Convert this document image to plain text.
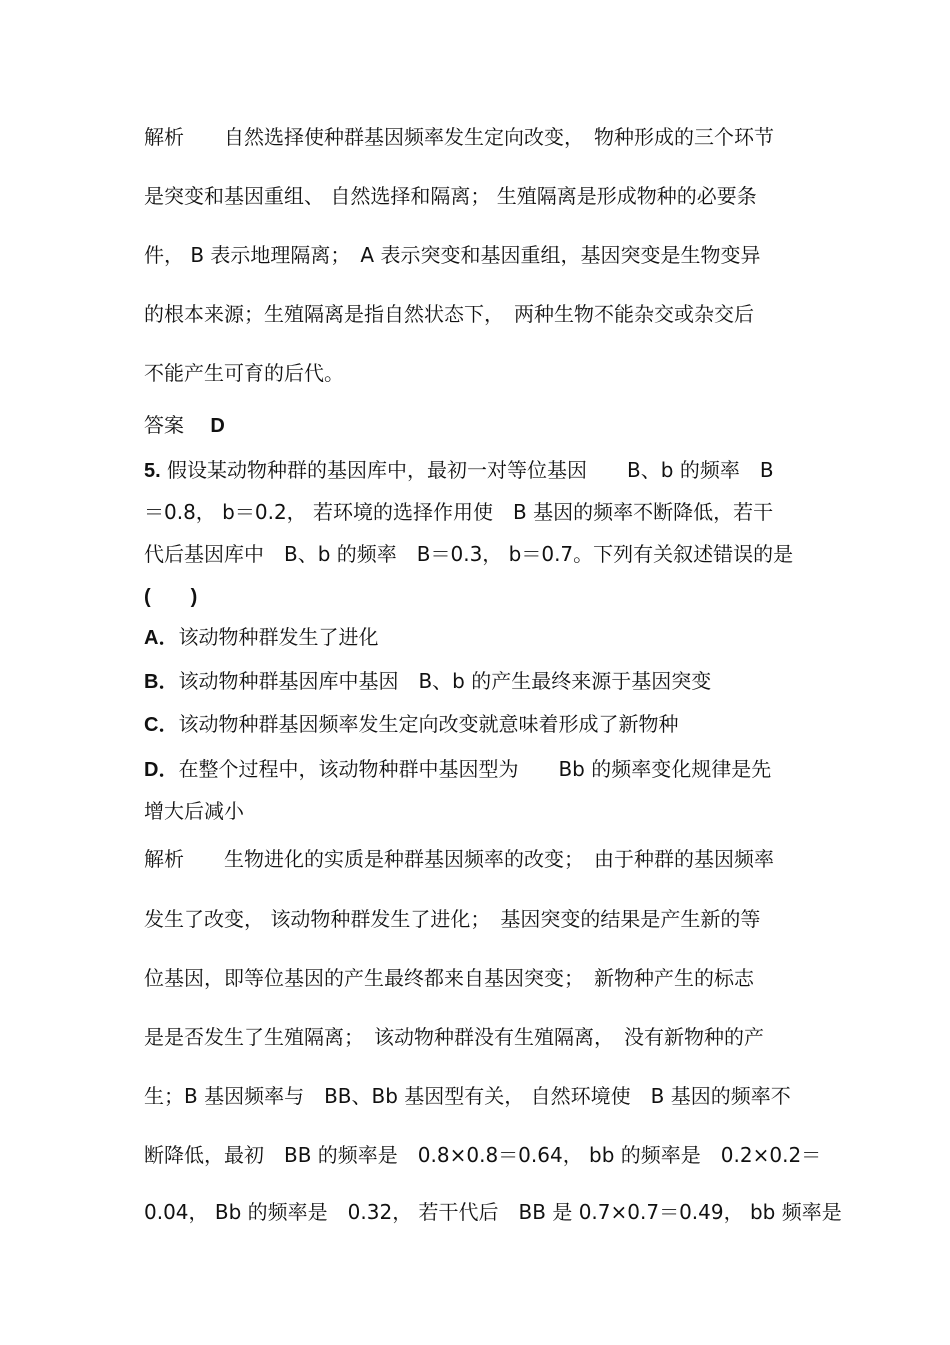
解析　　 自然选择使种群基因频率发生定向改变，　物种形成的三个环节
是突变和基因重组、 自然选择和隔离； 生殖隔离是形成物种的必要条
件， B 表示地理隔离；　A 表示突变和基因重组，基因突变是生物变异
的根本来源；生殖隔离是指自然状态下，　两种生物不能杂交或杂交后
不能产生可育的后代。
答案　 D
5. 假设某动物种群的基因库中，最初一对等位基因　　B、b 的频率　B
＝0.8， b＝0.2， 若环境的选择作用使　B 基因的频率不断降低，若干
代后基因库中　B、b 的频率　B＝0.3， b＝0.7。下列有关叙述错误的是
(　　)
A．该动物种群发生了进化
B．该动物种群基因库中基因　B、b 的产生最终来源于基因突变
C．该动物种群基因频率发生定向改变就意味着形成了新物种
D．在整个过程中，该动物种群中基因型为　　Bb 的频率变化规律是先
增大后减小
解析　　 生物进化的实质是种群基因频率的改变；　由于种群的基因频率
发生了改变， 该动物种群发生了进化；　基因突变的结果是产生新的等
位基因，即等位基因的产生最终都来自基因突变；　新物种产生的标志
是是否发生了生殖隔离；　该动物种群没有生殖隔离，　没有新物种的产
生；B 基因频率与　BB、Bb 基因型有关， 自然环境使　B 基因的频率不
断降低，最初　BB 的频率是　0.8×0.8＝0.64， bb 的频率是　0.2×0.2＝
0.04， Bb 的频率是　0.32， 若干代后　BB 是 0.7×0.7＝0.49， bb 频率是
